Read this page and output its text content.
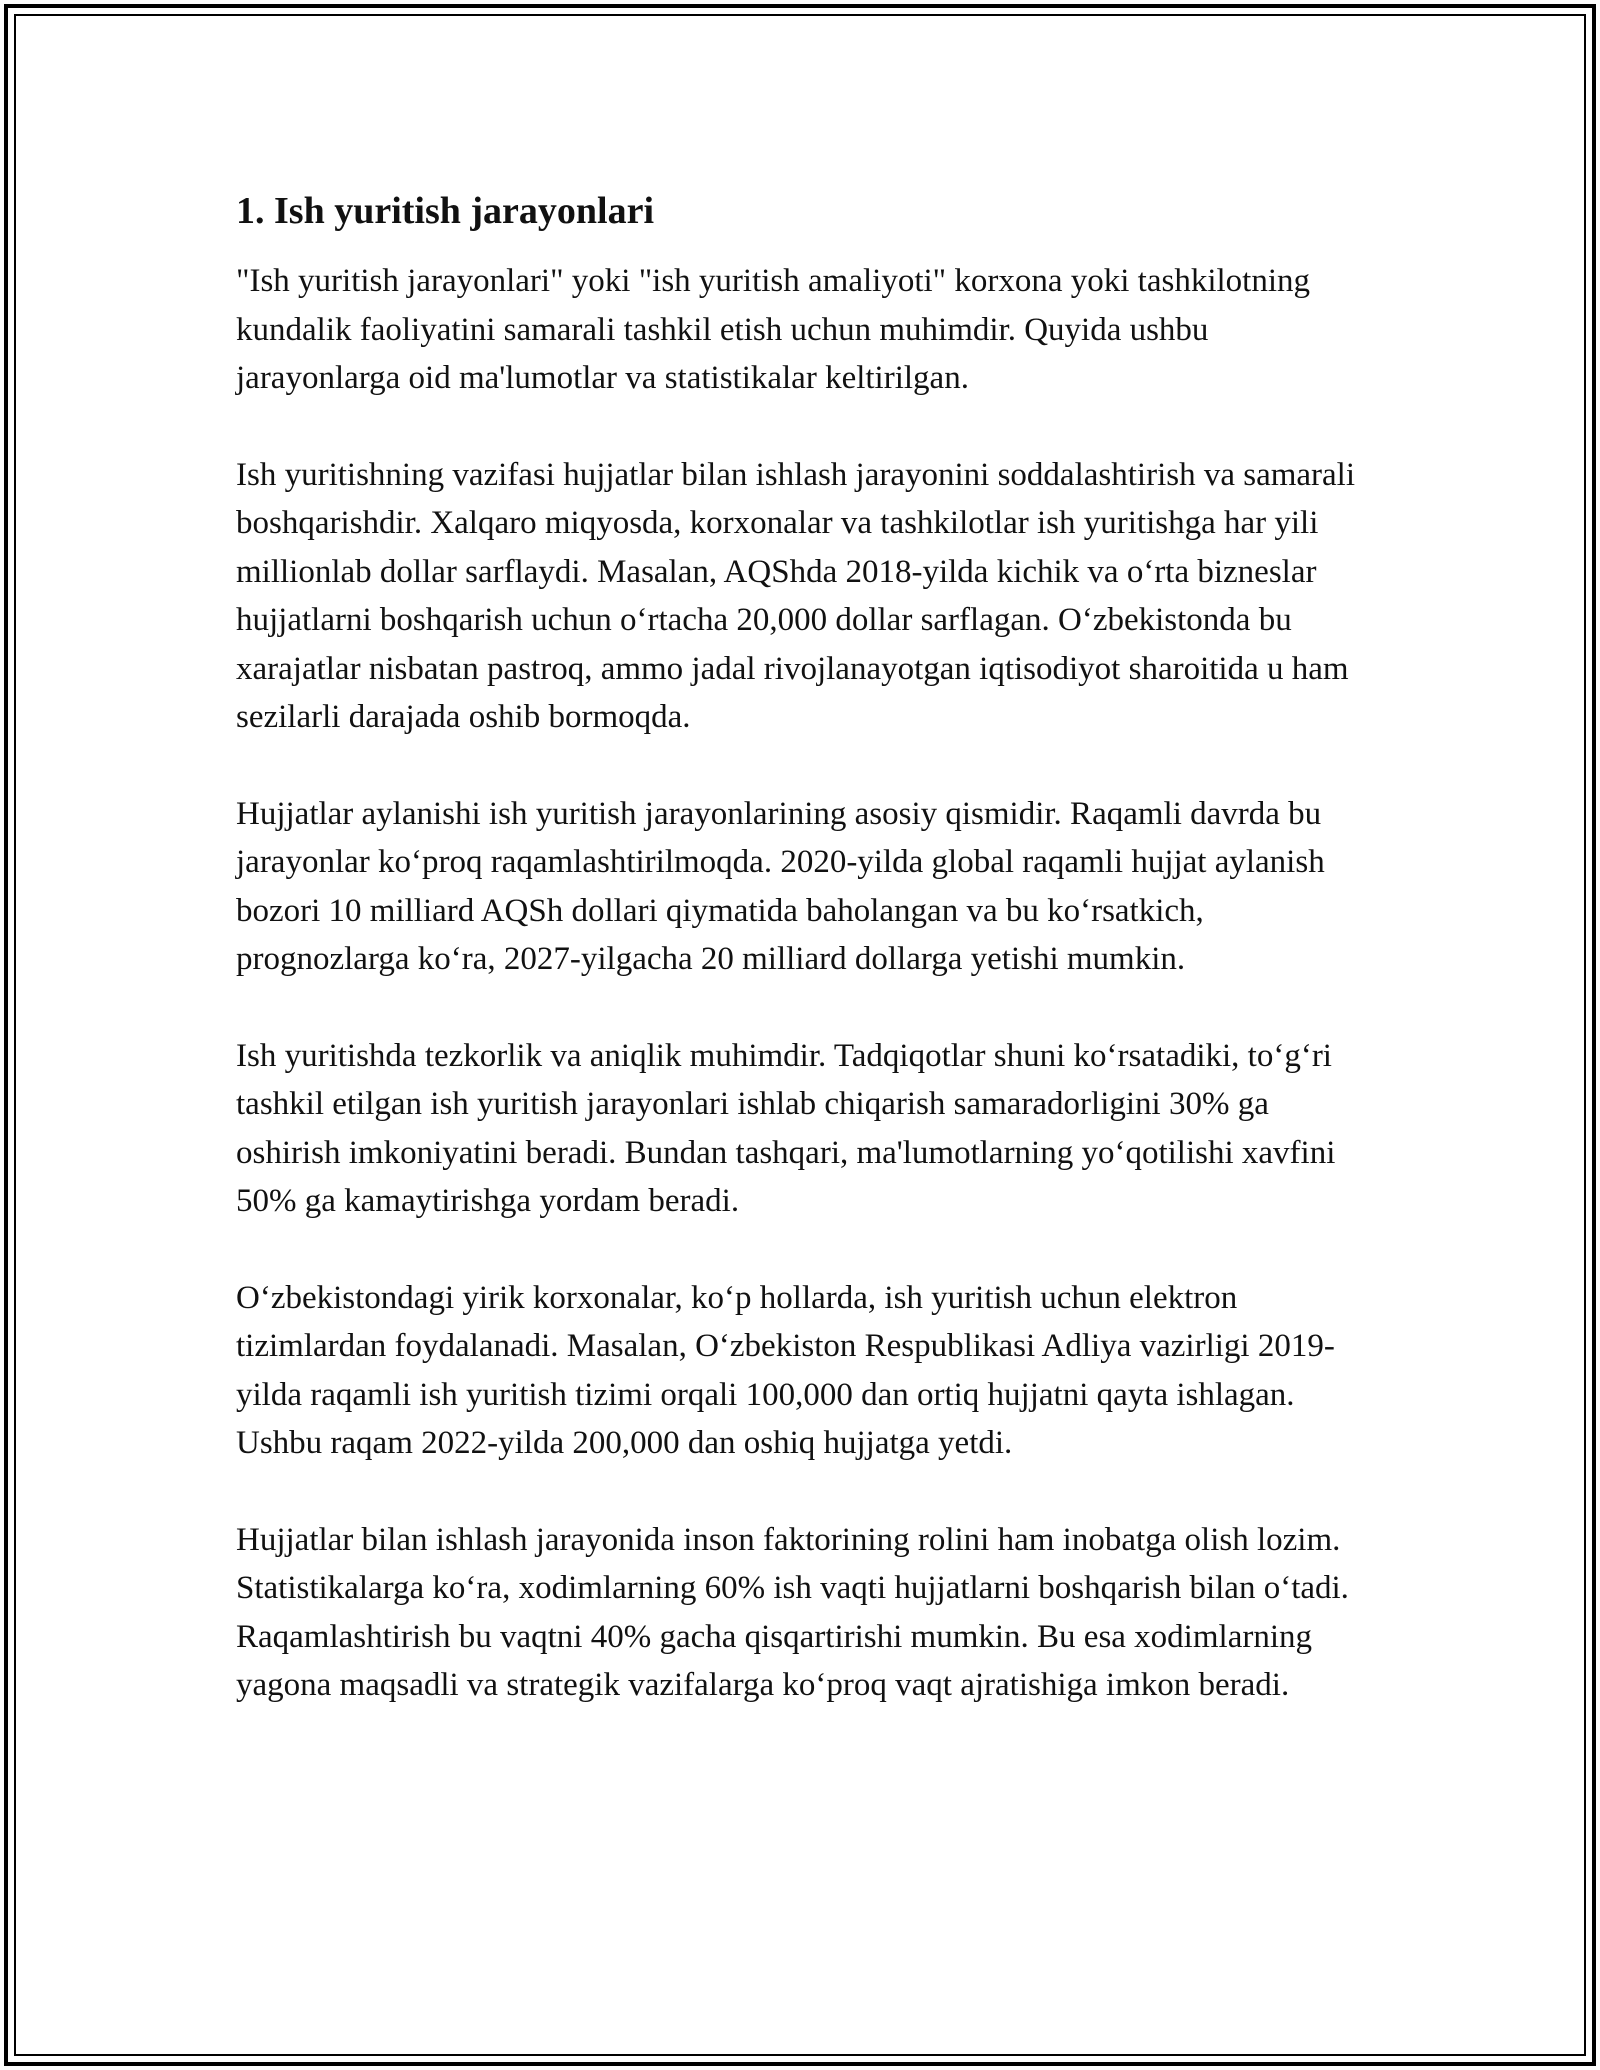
1. Ish yuritish jarayonlari

"Ish yuritish jarayonlari" yoki "ish yuritish amaliyoti" korxona yoki tashkilotning kundalik faoliyatini samarali tashkil etish uchun muhimdir. Quyida ushbu jarayonlarga oid ma'lumotlar va statistikalar keltirilgan.

Ish yuritishning vazifasi hujjatlar bilan ishlash jarayonini soddalashtirish va samarali boshqarishdir. Xalqaro miqyosda, korxonalar va tashkilotlar ish yuritishga har yili millionlab dollar sarflaydi. Masalan, AQShda 2018-yilda kichik va o‘rta bizneslar hujjatlarni boshqarish uchun o‘rtacha 20,000 dollar sarflagan. O‘zbekistonda bu xarajatlar nisbatan pastroq, ammo jadal rivojlanayotgan iqtisodiyot sharoitida u ham sezilarli darajada oshib bormoqda.

Hujjatlar aylanishi ish yuritish jarayonlarining asosiy qismidir. Raqamli davrda bu jarayonlar ko‘proq raqamlashtirilmoqda. 2020-yilda global raqamli hujjat aylanish bozori 10 milliard AQSh dollari qiymatida baholangan va bu ko‘rsatkich, prognozlarga ko‘ra, 2027-yilgacha 20 milliard dollarga yetishi mumkin.

Ish yuritishda tezkorlik va aniqlik muhimdir. Tadqiqotlar shuni ko‘rsatadiki, to‘g‘ri tashkil etilgan ish yuritish jarayonlari ishlab chiqarish samaradorligini 30% ga oshirish imkoniyatini beradi. Bundan tashqari, ma'lumotlarning yo‘qotilishi xavfini 50% ga kamaytirishga yordam beradi.

O‘zbekistondagi yirik korxonalar, ko‘p hollarda, ish yuritish uchun elektron tizimlardan foydalanadi. Masalan, O‘zbekiston Respublikasi Adliya vazirligi 2019-yilda raqamli ish yuritish tizimi orqali 100,000 dan ortiq hujjatni qayta ishlagan. Ushbu raqam 2022-yilda 200,000 dan oshiq hujjatga yetdi.

Hujjatlar bilan ishlash jarayonida inson faktorining rolini ham inobatga olish lozim. Statistikalarga ko‘ra, xodimlarning 60% ish vaqti hujjatlarni boshqarish bilan o‘tadi. Raqamlashtirish bu vaqtni 40% gacha qisqartirishi mumkin. Bu esa xodimlarning yagona maqsadli va strategik vazifalarga ko‘proq vaqt ajratishiga imkon beradi.
